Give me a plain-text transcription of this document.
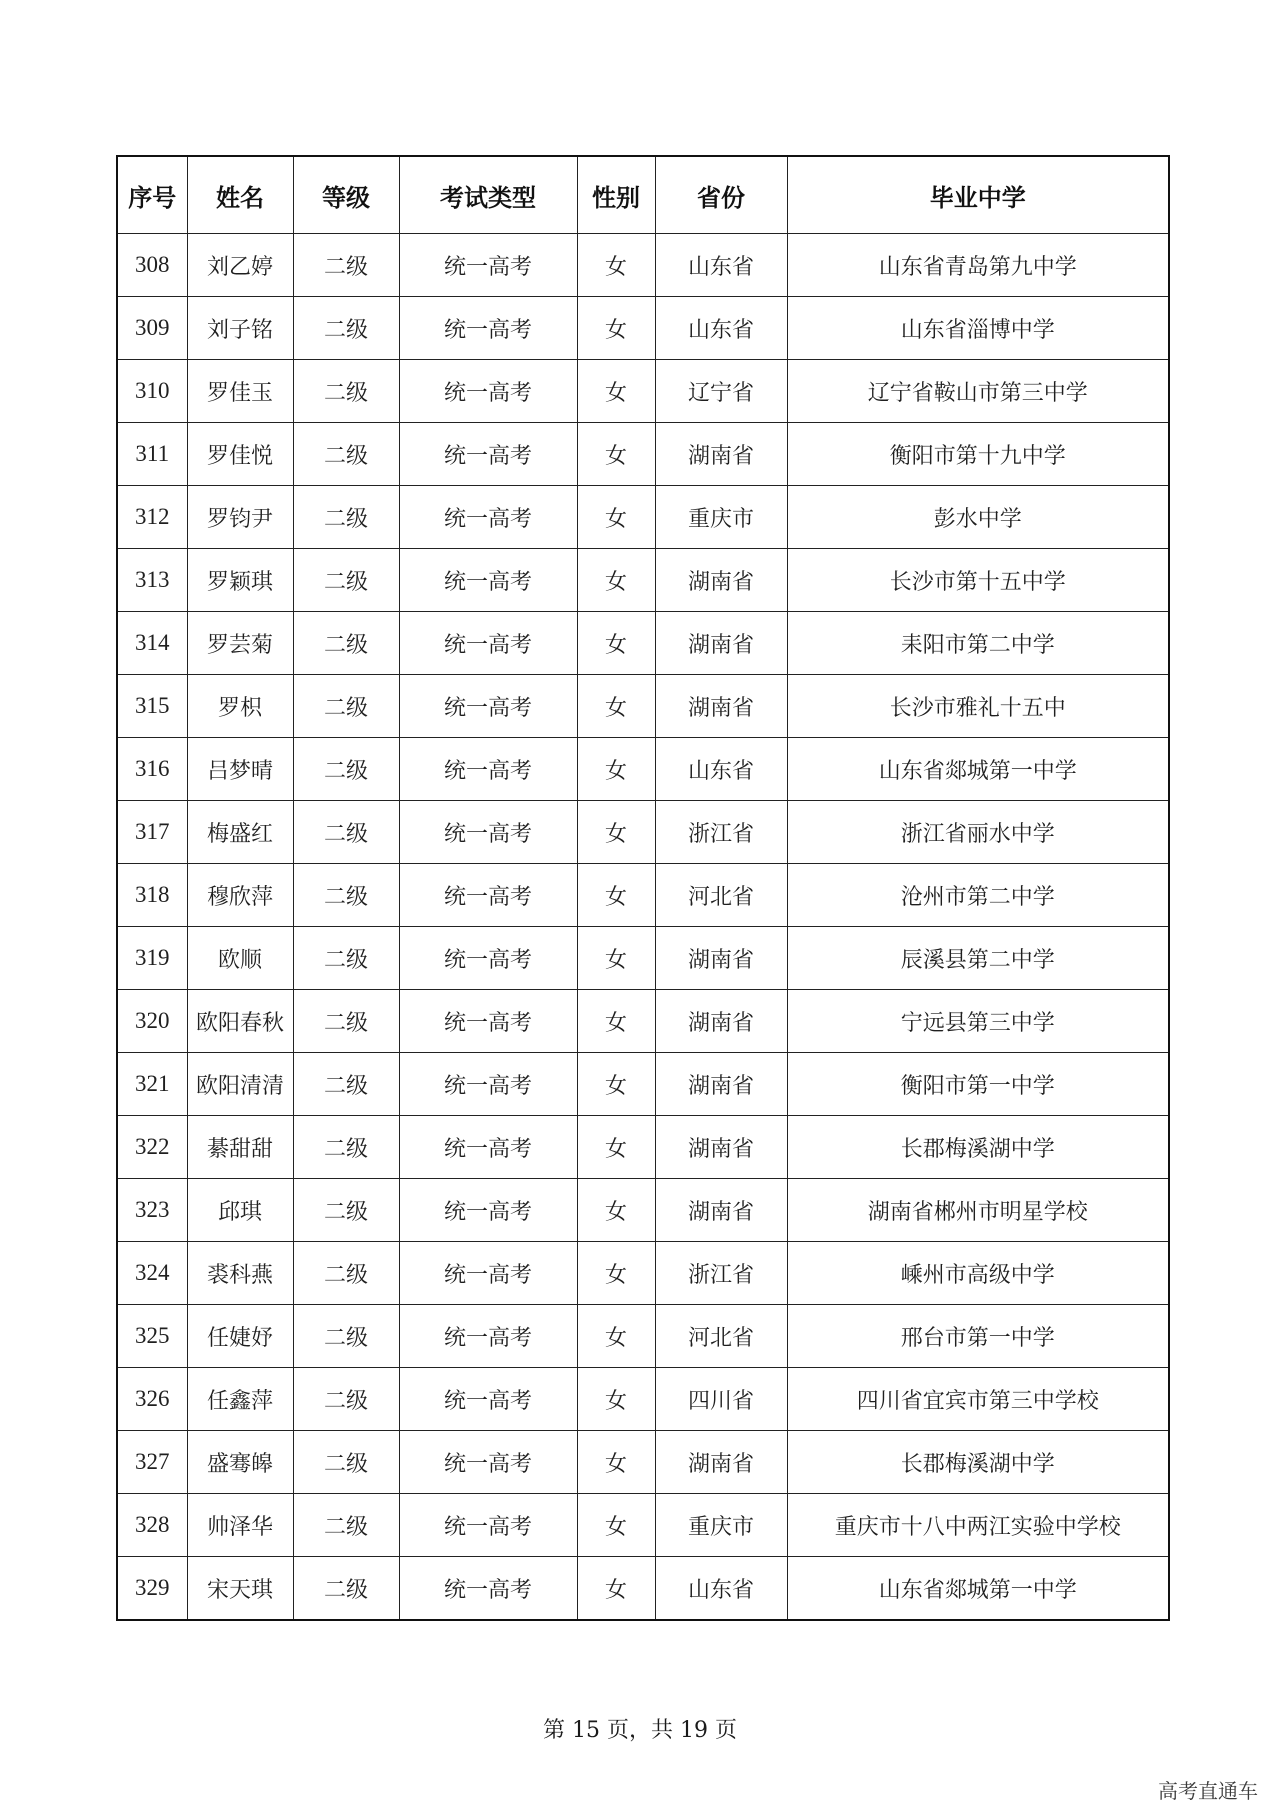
序号	姓名	等级	考试类型	性别	省份	毕业中学
308	刘乙婷	二级	统一高考	女	山东省	山东省青岛第九中学
309	刘子铭	二级	统一高考	女	山东省	山东省淄博中学
310	罗佳玉	二级	统一高考	女	辽宁省	辽宁省鞍山市第三中学
311	罗佳悦	二级	统一高考	女	湖南省	衡阳市第十九中学
312	罗钧尹	二级	统一高考	女	重庆市	彭水中学
313	罗颖琪	二级	统一高考	女	湖南省	长沙市第十五中学
314	罗芸菊	二级	统一高考	女	湖南省	耒阳市第二中学
315	罗枳	二级	统一高考	女	湖南省	长沙市雅礼十五中
316	吕梦晴	二级	统一高考	女	山东省	山东省郯城第一中学
317	梅盛红	二级	统一高考	女	浙江省	浙江省丽水中学
318	穆欣萍	二级	统一高考	女	河北省	沧州市第二中学
319	欧顺	二级	统一高考	女	湖南省	辰溪县第二中学
320	欧阳春秋	二级	统一高考	女	湖南省	宁远县第三中学
321	欧阳清清	二级	统一高考	女	湖南省	衡阳市第一中学
322	綦甜甜	二级	统一高考	女	湖南省	长郡梅溪湖中学
323	邱琪	二级	统一高考	女	湖南省	湖南省郴州市明星学校
324	裘科燕	二级	统一高考	女	浙江省	嵊州市高级中学
325	任婕妤	二级	统一高考	女	河北省	邢台市第一中学
326	任鑫萍	二级	统一高考	女	四川省	四川省宜宾市第三中学校
327	盛骞皞	二级	统一高考	女	湖南省	长郡梅溪湖中学
328	帅泽华	二级	统一高考	女	重庆市	重庆市十八中两江实验中学校
329	宋天琪	二级	统一高考	女	山东省	山东省郯城第一中学
第 15 页，共 19 页
高考直通车
